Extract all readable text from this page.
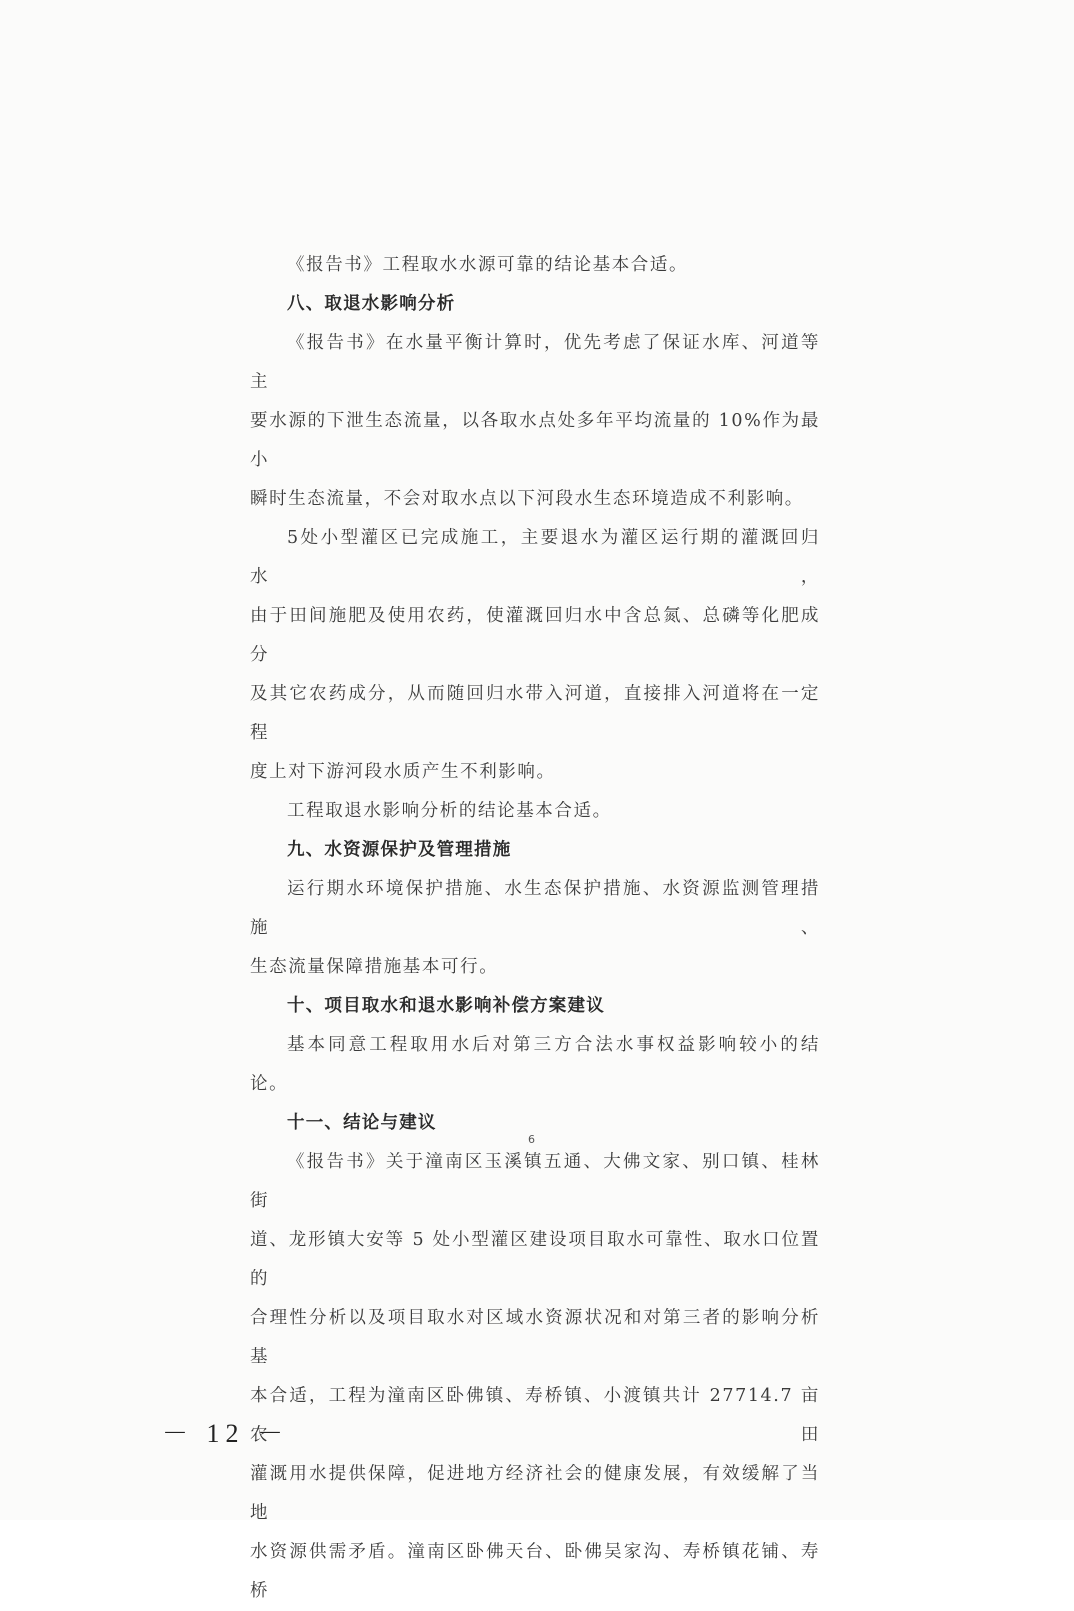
《报告书》工程取水水源可靠的结论基本合适。

八、取退水影响分析

《报告书》在水量平衡计算时，优先考虑了保证水库、河道等主

要水源的下泄生态流量，以各取水点处多年平均流量的 10%作为最小

瞬时生态流量，不会对取水点以下河段水生态环境造成不利影响。

5处小型灌区已完成施工，主要退水为灌区运行期的灌溉回归水，

由于田间施肥及使用农药，使灌溉回归水中含总氮、总磷等化肥成分

及其它农药成分，从而随回归水带入河道，直接排入河道将在一定程

度上对下游河段水质产生不利影响。

工程取退水影响分析的结论基本合适。

九、水资源保护及管理措施

运行期水环境保护措施、水生态保护措施、水资源监测管理措施、

生态流量保障措施基本可行。

十、项目取水和退水影响补偿方案建议

基本同意工程取用水后对第三方合法水事权益影响较小的结论。

十一、结论与建议

《报告书》关于潼南区玉溪镇五通、大佛文家、别口镇、桂林街

道、龙形镇大安等 5 处小型灌区建设项目取水可靠性、取水口位置的

合理性分析以及项目取水对区域水资源状况和对第三者的影响分析基

本合适，工程为潼南区卧佛镇、寿桥镇、小渡镇共计 27714.7 亩农田

灌溉用水提供保障，促进地方经济社会的健康发展，有效缓解了当地

水资源供需矛盾。潼南区卧佛天台、卧佛吴家沟、寿桥镇花铺、寿桥

6
－ 12 －
